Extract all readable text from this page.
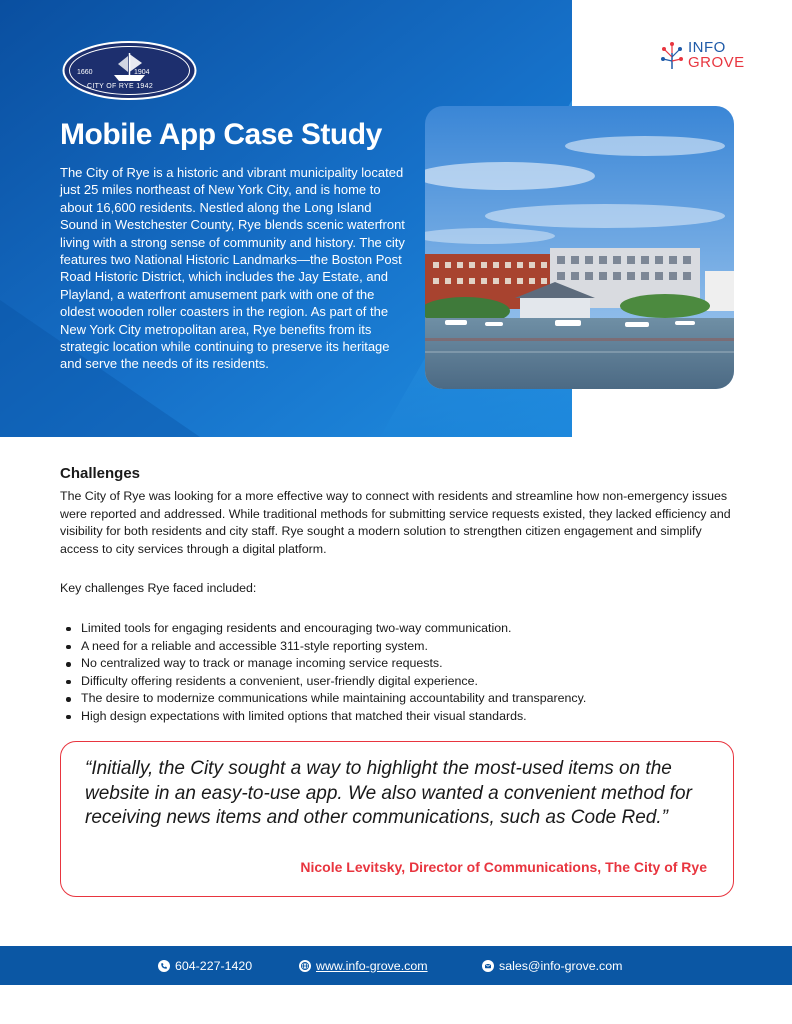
1660	1904
CITY OF RYE 1942
INFO
GROVE
Mobile App Case Study

The City of Rye is a historic and vibrant municipality located just 25 miles northeast of New York City, and is home to about 16,600 residents. Nestled along the Long Island Sound in Westchester County, Rye blends scenic waterfront living with a strong sense of community and history. The city features two National Historic Landmarks—the Boston Post Road Historic District, which includes the Jay Estate, and Playland, a waterfront amusement park with one of the oldest wooden roller coasters in the region. As part of the New York City metropolitan area, Rye benefits from its strategic location while continuing to preserve its heritage and serve the needs of its residents.

Challenges

The City of Rye was looking for a more effective way to connect with residents and streamline how non-emergency issues were reported and addressed. While traditional methods for submitting service requests existed, they lacked efficiency and visibility for both residents and city staff. Rye sought a modern solution to strengthen citizen engagement and simplify access to city services through a digital platform.

Key challenges Rye faced included:

Limited tools for engaging residents and encouraging two-way communication.
A need for a reliable and accessible 311-style reporting system.
No centralized way to track or manage incoming service requests.
Difficulty offering residents a convenient, user-friendly digital experience.
The desire to modernize communications while maintaining accountability and transparency.
High design expectations with limited options that matched their visual standards.

“Initially, the City sought a way to highlight the most-used items on the website in an easy-to-use app. We also wanted a convenient method for receiving news items and other communications, such as Code Red.”

Nicole Levitsky, Director of Communications, The City of Rye

604-227-1420	www.info-grove.com	sales@info-grove.com
